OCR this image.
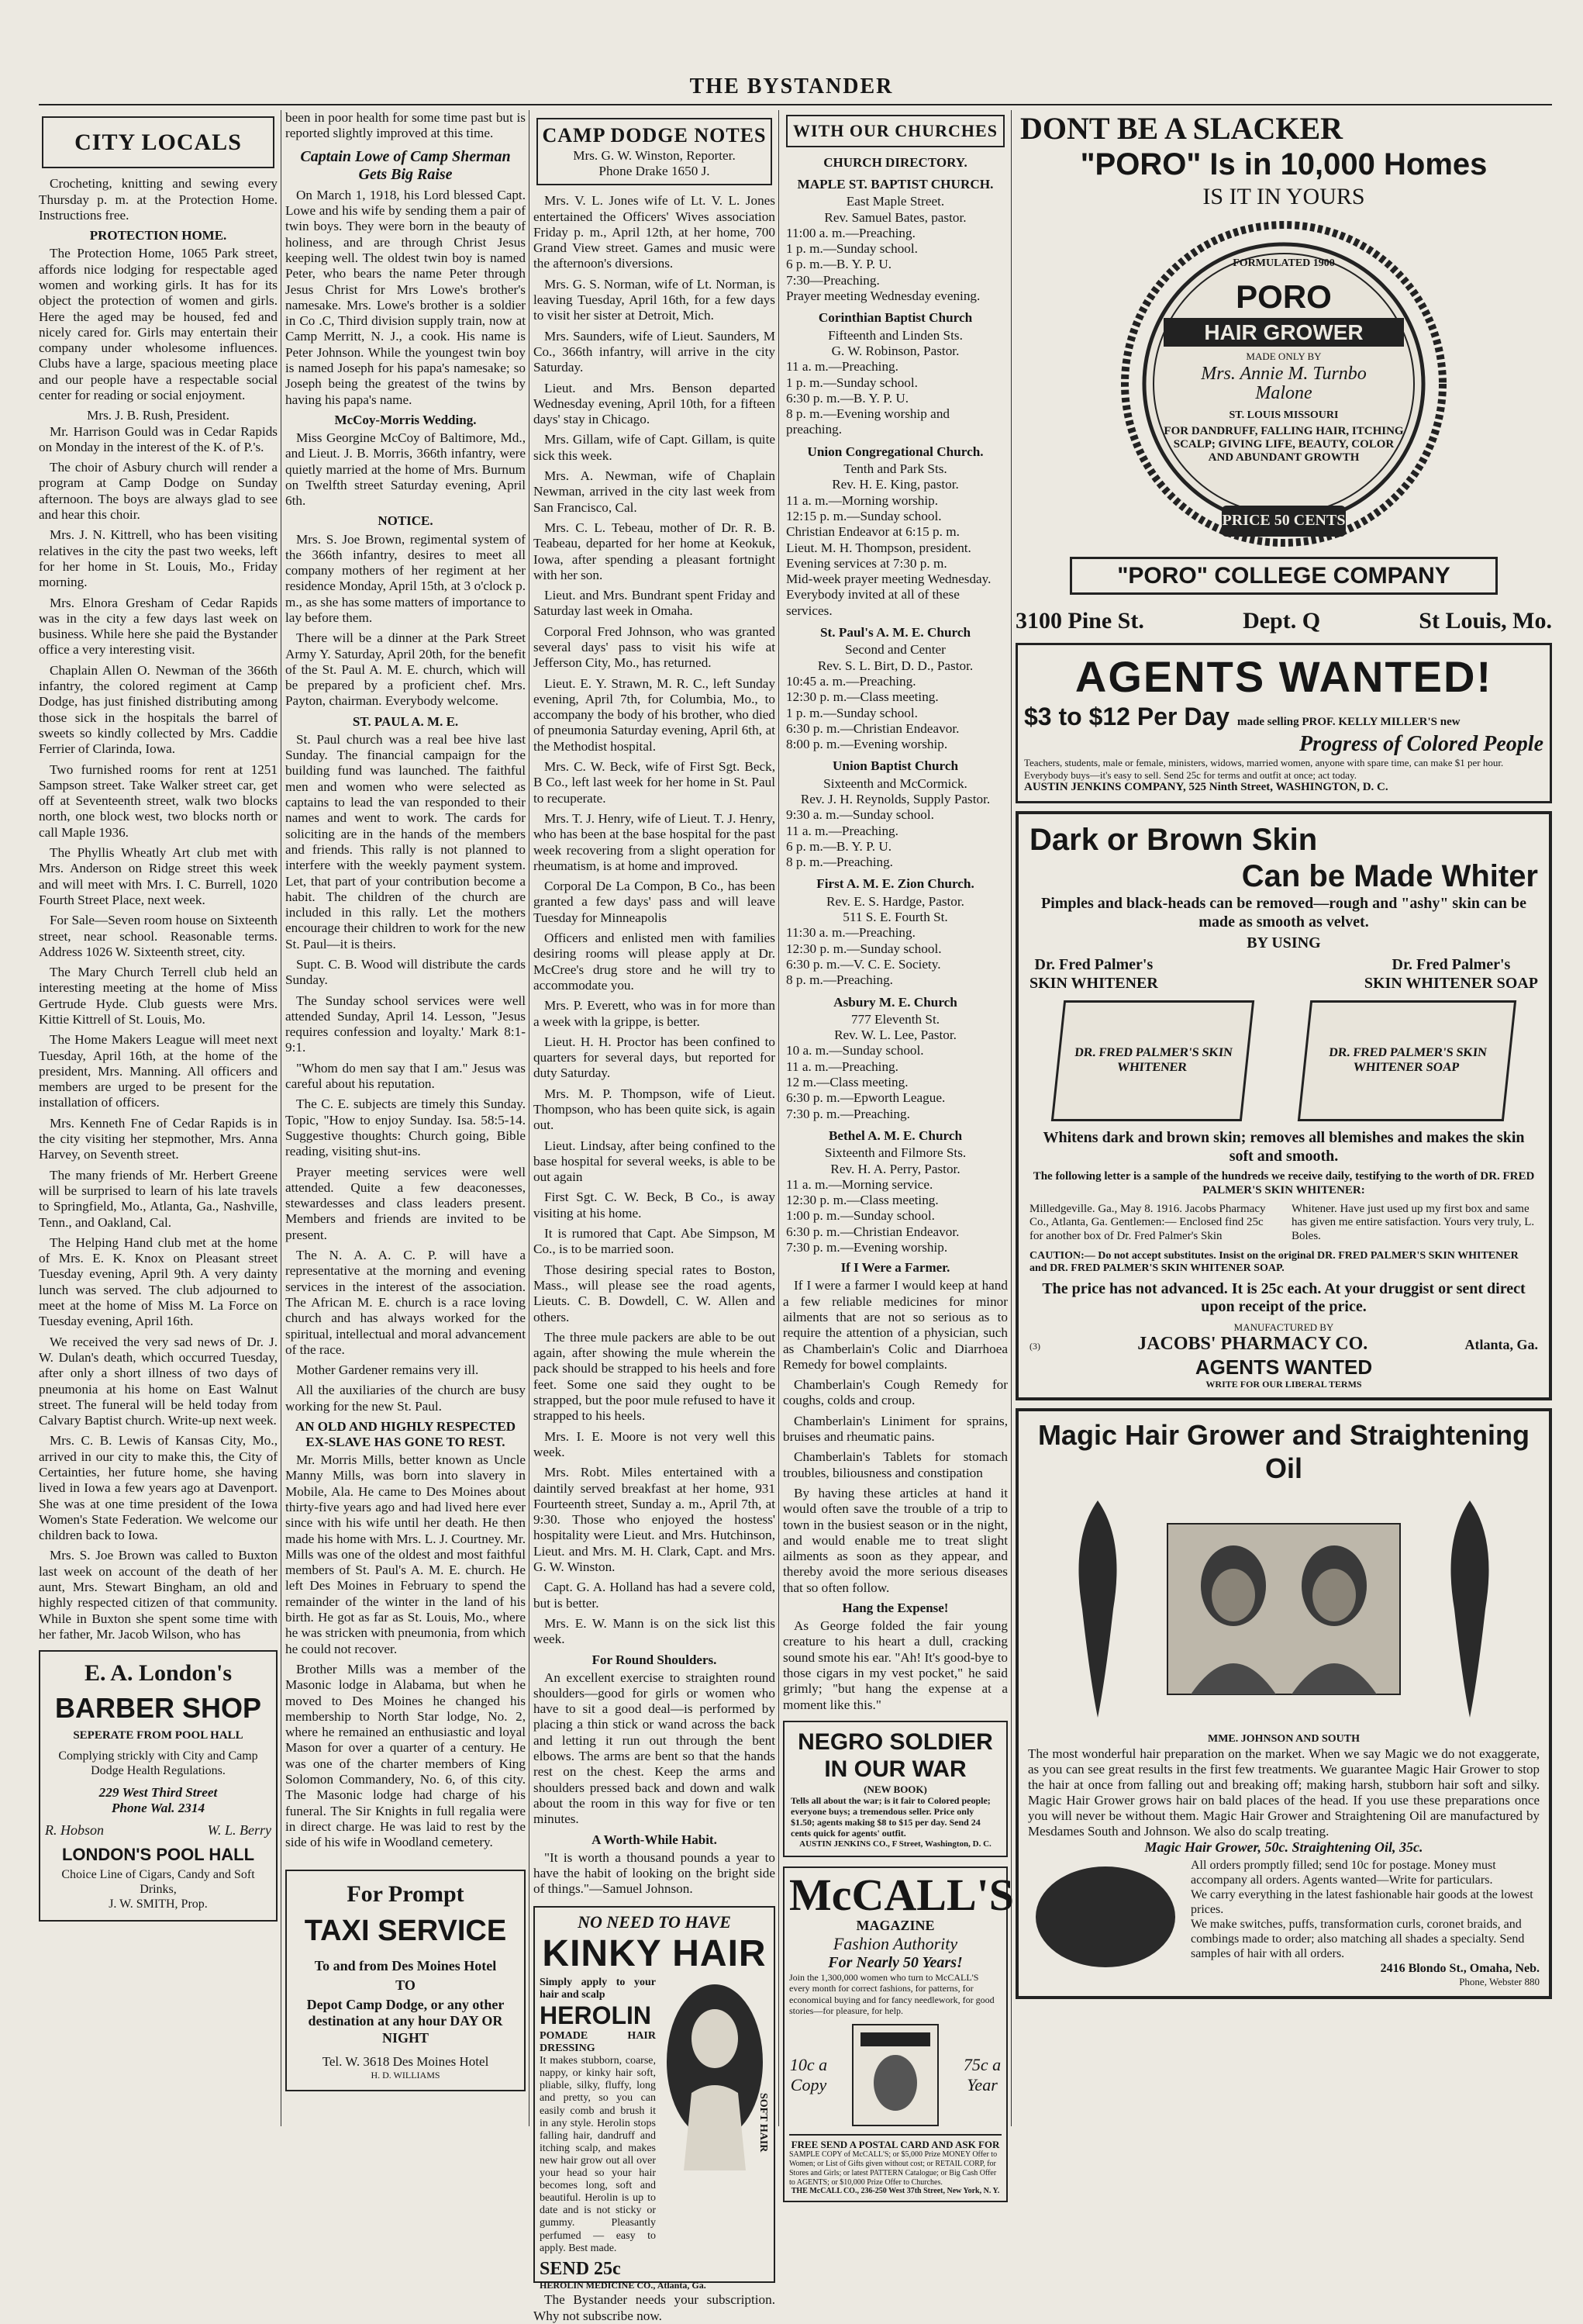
THE BYSTANDER
CITY LOCALS

Crocheting, knitting and sewing every Thursday p. m. at the Protection Home. Instructions free.

PROTECTION HOME.

The Protection Home, 1065 Park street, affords nice lodging for respectable aged women and working girls. It has for its object the protection of women and girls. Here the aged may be housed, fed and nicely cared for. Girls may entertain their company under wholesome influences. Clubs have a large, spacious meeting place and our people have a respectable social center for reading or social enjoyment.

Mrs. J. B. Rush, President.

Mr. Harrison Gould was in Cedar Rapids on Monday in the interest of the K. of P.'s.

The choir of Asbury church will render a program at Camp Dodge on Sunday afternoon. The boys are always glad to see and hear this choir.

Mrs. J. N. Kittrell, who has been visiting relatives in the city the past two weeks, left for her home in St. Louis, Mo., Friday morning.

Mrs. Elnora Gresham of Cedar Rapids was in the city a few days last week on business. While here she paid the Bystander office a very interesting visit.

Chaplain Allen O. Newman of the 366th infantry, the colored regiment at Camp Dodge, has just finished distributing among those sick in the hospitals the barrel of sweets so kindly collected by Mrs. Caddie Ferrier of Clarinda, Iowa.

Two furnished rooms for rent at 1251 Sampson street. Take Walker street car, get off at Seventeenth street, walk two blocks north, one block west, two blocks north or call Maple 1936.

The Phyllis Wheatly Art club met with Mrs. Anderson on Ridge street this week and will meet with Mrs. I. C. Burrell, 1020 Fourth Street Place, next week.

For Sale—Seven room house on Sixteenth street, near school. Reasonable terms. Address 1026 W. Sixteenth street, city.

The Mary Church Terrell club held an interesting meeting at the home of Miss Gertrude Hyde. Club guests were Mrs. Kittie Kittrell of St. Louis, Mo.

The Home Makers League will meet next Tuesday, April 16th, at the home of the president, Mrs. Manning. All officers and members are urged to be present for the installation of officers.

Mrs. Kenneth Fne of Cedar Rapids is in the city visiting her stepmother, Mrs. Anna Harvey, on Seventh street.

The many friends of Mr. Herbert Greene will be surprised to learn of his late travels to Springfield, Mo., Atlanta, Ga., Nashville, Tenn., and Oakland, Cal.

The Helping Hand club met at the home of Mrs. E. K. Knox on Pleasant street Tuesday evening, April 9th. A very dainty lunch was served. The club adjourned to meet at the home of Miss M. La Force on Tuesday evening, April 16th.

We received the very sad news of Dr. J. W. Dulan's death, which occurred Tuesday, after only a short illness of two days of pneumonia at his home on East Walnut street. The funeral will be held today from Calvary Baptist church. Write-up next week.

Mrs. C. B. Lewis of Kansas City, Mo., arrived in our city to make this, the City of Certainties, her future home, she having lived in Iowa a few years ago at Davenport. She was at one time president of the Iowa Women's State Federation. We welcome our children back to Iowa.

Mrs. S. Joe Brown was called to Buxton last week on account of the death of her aunt, Mrs. Stewart Bingham, an old and highly respected citizen of that community. While in Buxton she spent some time with her father, Mr. Jacob Wilson, who has

E. A. London's
BARBER SHOP
SEPERATE FROM POOL HALL
Complying strickly with City and Camp Dodge Health Regulations.
229 West Third Street
Phone Wal. 2314
R. Hobson	W. L. Berry
LONDON'S POOL HALL
Choice Line of Cigars, Candy and Soft Drinks,
J. W. SMITH, Prop.

been in poor health for some time past but is reported slightly improved at this time.

Captain Lowe of Camp Sherman Gets Big Raise

On March 1, 1918, his Lord blessed Capt. Lowe and his wife by sending them a pair of twin boys. They were born in the beauty of holiness, and are through Christ Jesus keeping well. The oldest twin boy is named Peter, who bears the name Peter through Jesus Christ for Mrs Lowe's brother's namesake. Mrs. Lowe's brother is a soldier in Co .C, Third division supply train, now at Camp Merritt, N. J., a cook. His name is Peter Johnson. While the youngest twin boy is named Joseph for his papa's namesake; so Joseph being the greatest of the twins by having his papa's name.

McCoy-Morris Wedding.

Miss Georgine McCoy of Baltimore, Md., and Lieut. J. B. Morris, 366th infantry, were quietly married at the home of Mrs. Burnum on Twelfth street Saturday evening, April 6th.

NOTICE.

Mrs. S. Joe Brown, regimental system of the 366th infantry, desires to meet all company mothers of her regiment at her residence Monday, April 15th, at 3 o'clock p. m., as she has some matters of importance to lay before them.

There will be a dinner at the Park Street Army Y. Saturday, April 20th, for the benefit of the St. Paul A. M. E. church, which will be prepared by a proficient chef. Mrs. Payton, chairman. Everybody welcome.

ST. PAUL A. M. E.

St. Paul church was a real bee hive last Sunday. The financial campaign for the building fund was launched. The faithful men and women who were selected as captains to lead the van responded to their names and went to work. The cards for soliciting are in the hands of the members and friends. This rally is not planned to interfere with the weekly payment system. Let, that part of your contribution become a habit. The children of the church are included in this rally. Let the mothers encourage their children to work for the new St. Paul—it is theirs.

Supt. C. B. Wood will distribute the cards Sunday.

The Sunday school services were well attended Sunday, April 14. Lesson, "Jesus requires confession and loyalty.' Mark 8:1-9:1.

"Whom do men say that I am." Jesus was careful about his reputation.

The C. E. subjects are timely this Sunday. Topic, "How to enjoy Sunday. Isa. 58:5-14. Suggestive thoughts: Church going, Bible reading, visiting shut-ins.

Prayer meeting services were well attended. Quite a few deaconesses, stewardesses and class leaders present. Members and friends are invited to be present.

The N. A. A. C. P. will have a representative at the morning and evening services in the interest of the association. The African M. E. church is a race loving church and has always worked for the spiritual, intellectual and moral advancement of the race.

Mother Gardener remains very ill.

All the auxiliaries of the church are busy working for the new St. Paul.

AN OLD AND HIGHLY RESPECTED EX-SLAVE HAS GONE TO REST.

Mr. Morris Mills, better known as Uncle Manny Mills, was born into slavery in Mobile, Ala. He came to Des Moines about thirty-five years ago and had lived here ever since with his wife until her death. He then made his home with Mrs. L. J. Courtney. Mr. Mills was one of the oldest and most faithful members of St. Paul's A. M. E. church. He left Des Moines in February to spend the remainder of the winter in the land of his birth. He got as far as St. Louis, Mo., where he was stricken with pneumonia, from which he could not recover.

Brother Mills was a member of the Masonic lodge in Alabama, but when he moved to Des Moines he changed his membership to North Star lodge, No. 2, where he remained an enthusiastic and loyal Mason for over a quarter of a century. He was one of the charter members of King Solomon Commandery, No. 6, of this city. The Masonic lodge had charge of his funeral. The Sir Knights in full regalia were in direct charge. He was laid to rest by the side of his wife in Woodland cemetery.

For Prompt
TAXI SERVICE
To and from Des Moines Hotel
TO
Depot Camp Dodge, or any other destination at any hour DAY OR NIGHT
Tel. W. 3618 Des Moines Hotel
H. D. WILLIAMS
CAMP DODGE NOTES
Mrs. G. W. Winston, Reporter.
Phone Drake 1650 J.

Mrs. V. L. Jones wife of Lt. V. L. Jones entertained the Officers' Wives association Friday p. m., April 12th, at her home, 700 Grand View street. Games and music were the afternoon's diversions.

Mrs. G. S. Norman, wife of Lt. Norman, is leaving Tuesday, April 16th, for a few days to visit her sister at Detroit, Mich.

Mrs. Saunders, wife of Lieut. Saunders, M Co., 366th infantry, will arrive in the city Saturday.

Lieut. and Mrs. Benson departed Wednesday evening, April 10th, for a fifteen days' stay in Chicago.

Mrs. Gillam, wife of Capt. Gillam, is quite sick this week.

Mrs. A. Newman, wife of Chaplain Newman, arrived in the city last week from San Francisco, Cal.

Mrs. C. L. Tebeau, mother of Dr. R. B. Teabeau, departed for her home at Keokuk, Iowa, after spending a pleasant fortnight with her son.

Lieut. and Mrs. Bundrant spent Friday and Saturday last week in Omaha.

Corporal Fred Johnson, who was granted several days' pass to visit his wife at Jefferson City, Mo., has returned.

Lieut. E. Y. Strawn, M. R. C., left Sunday evening, April 7th, for Columbia, Mo., to accompany the body of his brother, who died of pneumonia Saturday evening, April 6th, at the Methodist hospital.

Mrs. C. W. Beck, wife of First Sgt. Beck, B Co., left last week for her home in St. Paul to recuperate.

Mrs. T. J. Henry, wife of Lieut. T. J. Henry, who has been at the base hospital for the past week recovering from a slight operation for rheumatism, is at home and improved.

Corporal De La Compon, B Co., has been granted a few days' pass and will leave Tuesday for Minneapolis

Officers and enlisted men with families desiring rooms will please apply at Dr. McCree's drug store and he will try to accommodate you.

Mrs. P. Everett, who was in for more than a week with la grippe, is better.

Lieut. H. H. Proctor has been confined to quarters for several days, but reported for duty Saturday.

Mrs. M. P. Thompson, wife of Lieut. Thompson, who has been quite sick, is again out.

Lieut. Lindsay, after being confined to the base hospital for several weeks, is able to be out again

First Sgt. C. W. Beck, B Co., is away visiting at his home.

It is rumored that Capt. Abe Simpson, M Co., is to be married soon.

Those desiring special rates to Boston, Mass., will please see the road agents, Lieuts. C. B. Dowdell, C. W. Allen and others.

The three mule packers are able to be out again, after showing the mule wherein the pack should be strapped to his heels and fore feet. Some one said they ought to be strapped, but the poor mule refused to have it strapped to his heels.

Mrs. I. E. Moore is not very well this week.

Mrs. Robt. Miles entertained with a daintily served breakfast at her home, 931 Fourteenth street, Sunday a. m., April 7th, at 9:30. Those who enjoyed the hostess' hospitality were Lieut. and Mrs. Hutchinson, Lieut. and Mrs. M. H. Clark, Capt. and Mrs. G. W. Winston.

Capt. G. A. Holland has had a severe cold, but is better.

Mrs. E. W. Mann is on the sick list this week.

For Round Shoulders.

An excellent exercise to straighten round shoulders—good for girls or women who have to sit a good deal—is performed by placing a thin stick or wand across the back and letting it run out through the bent elbows. The arms are bent so that the hands rest on the chest. Keep the arms and shoulders pressed back and down and walk about the room in this way for five or ten minutes.

A Worth-While Habit.

"It is worth a thousand pounds a year to have the habit of looking on the bright side of things."—Samuel Johnson.

NO NEED TO HAVE
KINKY HAIR
Simply apply to your hair and scalp
HEROLIN
POMADE HAIR DRESSING
It makes stubborn, coarse, nappy, or kinky hair soft, pliable, silky, fluffy, long and pretty, so you can easily comb and brush it in any style. Herolin stops falling hair, dandruff and itching scalp, and makes new hair grow out all over your head so your hair becomes long, soft and beautiful. Herolin is up to date and is not sticky or gummy. Pleasantly perfumed — easy to apply. Best made.
SOFT HAIR
SEND 25c
HEROLIN MEDICINE CO., Atlanta, Ga.

The Bystander needs your subscription. Why not subscribe now.

WITH OUR CHURCHES
CHURCH DIRECTORY.
MAPLE ST. BAPTIST CHURCH.
East Maple Street.
Rev. Samuel Bates, pastor.
11:00 a. m.—Preaching.
1 p. m.—Sunday school.
6 p. m.—B. Y. P. U.
7:30—Preaching.
Prayer meeting Wednesday evening.
Corinthian Baptist Church
Fifteenth and Linden Sts.
G. W. Robinson, Pastor.
11 a. m.—Preaching.
1 p. m.—Sunday school.
6:30 p. m.—B. Y. P. U.
8 p. m.—Evening worship and preaching.
Union Congregational Church.
Tenth and Park Sts.
Rev. H. E. King, pastor.
11 a. m.—Morning worship.
12:15 p. m.—Sunday school.
Christian Endeavor at 6:15 p. m.
Lieut. M. H. Thompson, president.
Evening services at 7:30 p. m.
Mid-week prayer meeting Wednesday.
Everybody invited at all of these services.
St. Paul's A. M. E. Church
Second and Center
Rev. S. L. Birt, D. D., Pastor.
10:45 a. m.—Preaching.
12:30 p. m.—Class meeting.
1 p. m.—Sunday school.
6:30 p. m.—Christian Endeavor.
8:00 p. m.—Evening worship.
Union Baptist Church
Sixteenth and McCormick.
Rev. J. H. Reynolds, Supply Pastor.
9:30 a. m.—Sunday school.
11 a. m.—Preaching.
6 p. m.—B. Y. P. U.
8 p. m.—Preaching.
First A. M. E. Zion Church.
Rev. E. S. Hardge, Pastor.
511 S. E. Fourth St.
11:30 a. m.—Preaching.
12:30 p. m.—Sunday school.
6:30 p. m.—V. C. E. Society.
8 p. m.—Preaching.
Asbury M. E. Church
777 Eleventh St.
Rev. W. L. Lee, Pastor.
10 a. m.—Sunday school.
11 a. m.—Preaching.
12 m.—Class meeting.
6:30 p. m.—Epworth League.
7:30 p. m.—Preaching.
Bethel A. M. E. Church
Sixteenth and Filmore Sts.
Rev. H. A. Perry, Pastor.
11 a. m.—Morning service.
12:30 p. m.—Class meeting.
1:00 p. m.—Sunday school.
6:30 p. m.—Christian Endeavor.
7:30 p. m.—Evening worship.
If I Were a Farmer.

If I were a farmer I would keep at hand a few reliable medicines for minor ailments that are not so serious as to require the attention of a physician, such as Chamberlain's Colic and Diarrhoea Remedy for bowel complaints.

Chamberlain's Cough Remedy for coughs, colds and croup.

Chamberlain's Liniment for sprains, bruises and rheumatic pains.

Chamberlain's Tablets for stomach troubles, biliousness and constipation

By having these articles at hand it would often save the trouble of a trip to town in the busiest season or in the night, and would enable me to treat slight ailments as soon as they appear, and thereby avoid the more serious diseases that so often follow.

Hang the Expense!

As George folded the fair young creature to his heart a dull, cracking sound smote his ear. "Ah! It's good-bye to those cigars in my vest pocket," he said grimly; "but hang the expense at a moment like this."

NEGRO SOLDIER
IN OUR WAR
(NEW BOOK)
Tells all about the war; is it fair to Colored people; everyone buys; a tremendous seller. Price only $1.50; agents making $8 to $15 per day. Send 24 cents quick for agents' outfit.
AUSTIN JENKINS CO., F Street, Washington, D. C.
McCALL'S
MAGAZINE
Fashion Authority
For Nearly 50 Years!
Join the 1,300,000 women who turn to McCALL'S every month for correct fashions, for patterns, for economical buying and for fancy needlework, for good stories—for pleasure, for help.
10c a Copy
75c a Year
FREE SEND A POSTAL CARD AND ASK FOR
SAMPLE COPY of McCALL'S; or $5,000 Prize MONEY Offer to Women; or List of Gifts given without cost; or RETAIL CORP, for Stores and Girls; or latest PATTERN Catalogue; or Big Cash Offer to AGENTS; or $10,000 Prize Offer to Churches.
THE McCALL CO., 236-250 West 37th Street, New York, N. Y.
DONT BE A SLACKER
"PORO" Is in 10,000 Homes
IS IT IN YOURS
FORMULATED 1900
PORO
HAIR GROWER
MADE ONLY BY
Mrs. Annie M. Turnbo Malone
ST. LOUIS MISSOURI
FOR DANDRUFF, FALLING HAIR, ITCHING SCALP; GIVING LIFE, BEAUTY, COLOR AND ABUNDANT GROWTH
PRICE 50 CENTS
"PORO" COLLEGE COMPANY
3100 Pine St.	Dept. Q	St Louis, Mo.
AGENTS WANTED!
$3 to $12 Per Day made selling PROF. KELLY MILLER'S new
Progress of Colored People
Teachers, students, male or female, ministers, widows, married women, anyone with spare time, can make $1 per hour. Everybody buys—it's easy to sell. Send 25c for terms and outfit at once; act today.
AUSTIN JENKINS COMPANY, 525 Ninth Street, WASHINGTON, D. C.
Dark or Brown Skin
Can be Made Whiter
Pimples and black-heads can be removed—rough and "ashy" skin can be made as smooth as velvet.
BY USING
Dr. Fred Palmer's
SKIN WHITENER
Dr. Fred Palmer's
SKIN WHITENER SOAP
DR. FRED PALMER'S SKIN WHITENER
DR. FRED PALMER'S SKIN WHITENER SOAP
Whitens dark and brown skin; removes all blemishes and makes the skin soft and smooth.
The following letter is a sample of the hundreds we receive daily, testifying to the worth of DR. FRED PALMER'S SKIN WHITENER:
Milledgeville. Ga., May 8. 1916. Jacobs Pharmacy Co., Atlanta, Ga. Gentlemen:— Enclosed find 25c for another box of Dr. Fred Palmer's Skin
Whitener. Have just used up my first box and same has given me entire satisfaction. Yours very truly, L. Boles.
CAUTION:— Do not accept substitutes. Insist on the original DR. FRED PALMER'S SKIN WHITENER and DR. FRED PALMER'S SKIN WHITENER SOAP.
The price has not advanced. It is 25c each. At your druggist or sent direct upon receipt of the price.
MANUFACTURED BY
(3)	JACOBS' PHARMACY CO.	Atlanta, Ga.
AGENTS WANTED
WRITE FOR OUR LIBERAL TERMS
Magic Hair Grower and Straightening Oil
MME. JOHNSON AND SOUTH
The most wonderful hair preparation on the market. When we say Magic we do not exaggerate, as you can see great results in the first few treatments. We guarantee Magic Hair Grower to stop the hair at once from falling out and breaking off; making harsh, stubborn hair soft and silky. Magic Hair Grower grows hair on bald places of the head. If you use these preparations once you will never be without them. Magic Hair Grower and Straightening Oil are manufactured by Mesdames South and Johnson. We also do scalp treating.
Magic Hair Grower, 50c. Straightening Oil, 35c.
All orders promptly filled; send 10c for postage. Money must accompany all orders. Agents wanted—Write for particulars.
We carry everything in the latest fashionable hair goods at the lowest prices.
We make switches, puffs, transformation curls, coronet braids, and combings made to order; also matching all shades a specialty. Send samples of hair with all orders.
2416 Blondo St., Omaha, Neb.
Phone, Webster 880
